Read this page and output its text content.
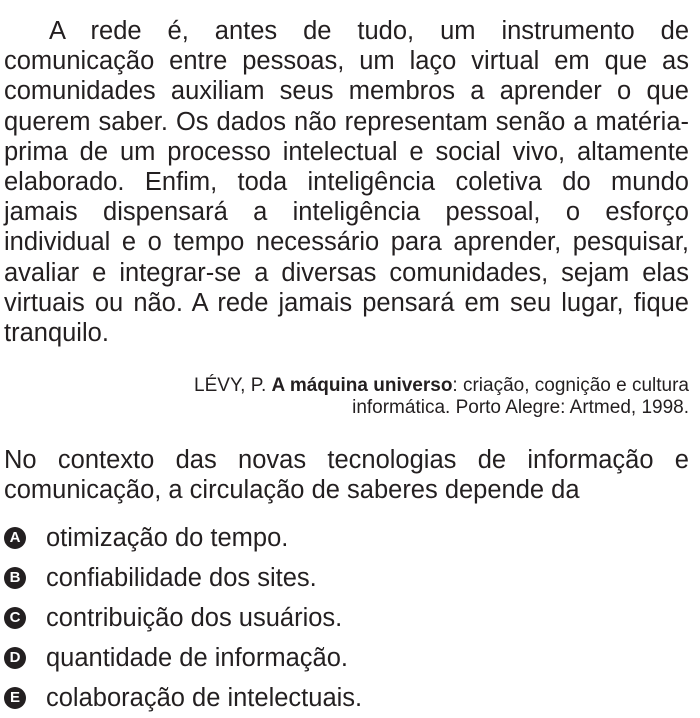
A rede é, antes de tudo, um instrumento de comunicação entre pessoas, um laço virtual em que as comunidades auxiliam seus membros a aprender o que querem saber. Os dados não representam senão a matéria-prima de um processo intelectual e social vivo, altamente elaborado. Enfim, toda inteligência coletiva do mundo jamais dispensará a inteligência pessoal, o esforço individual e o tempo necessário para aprender, pesquisar, avaliar e integrar-se a diversas comunidades, sejam elas virtuais ou não. A rede jamais pensará em seu lugar, fique tranquilo.

LÉVY, P. A máquina universo: criação, cognição e cultura
informática. Porto Alegre: Artmed, 1998.

No contexto das novas tecnologias de informação e comunicação, a circulação de saberes depende da

A otimização do tempo.
B confiabilidade dos sites.
C contribuição dos usuários.
D quantidade de informação.
E colaboração de intelectuais.
